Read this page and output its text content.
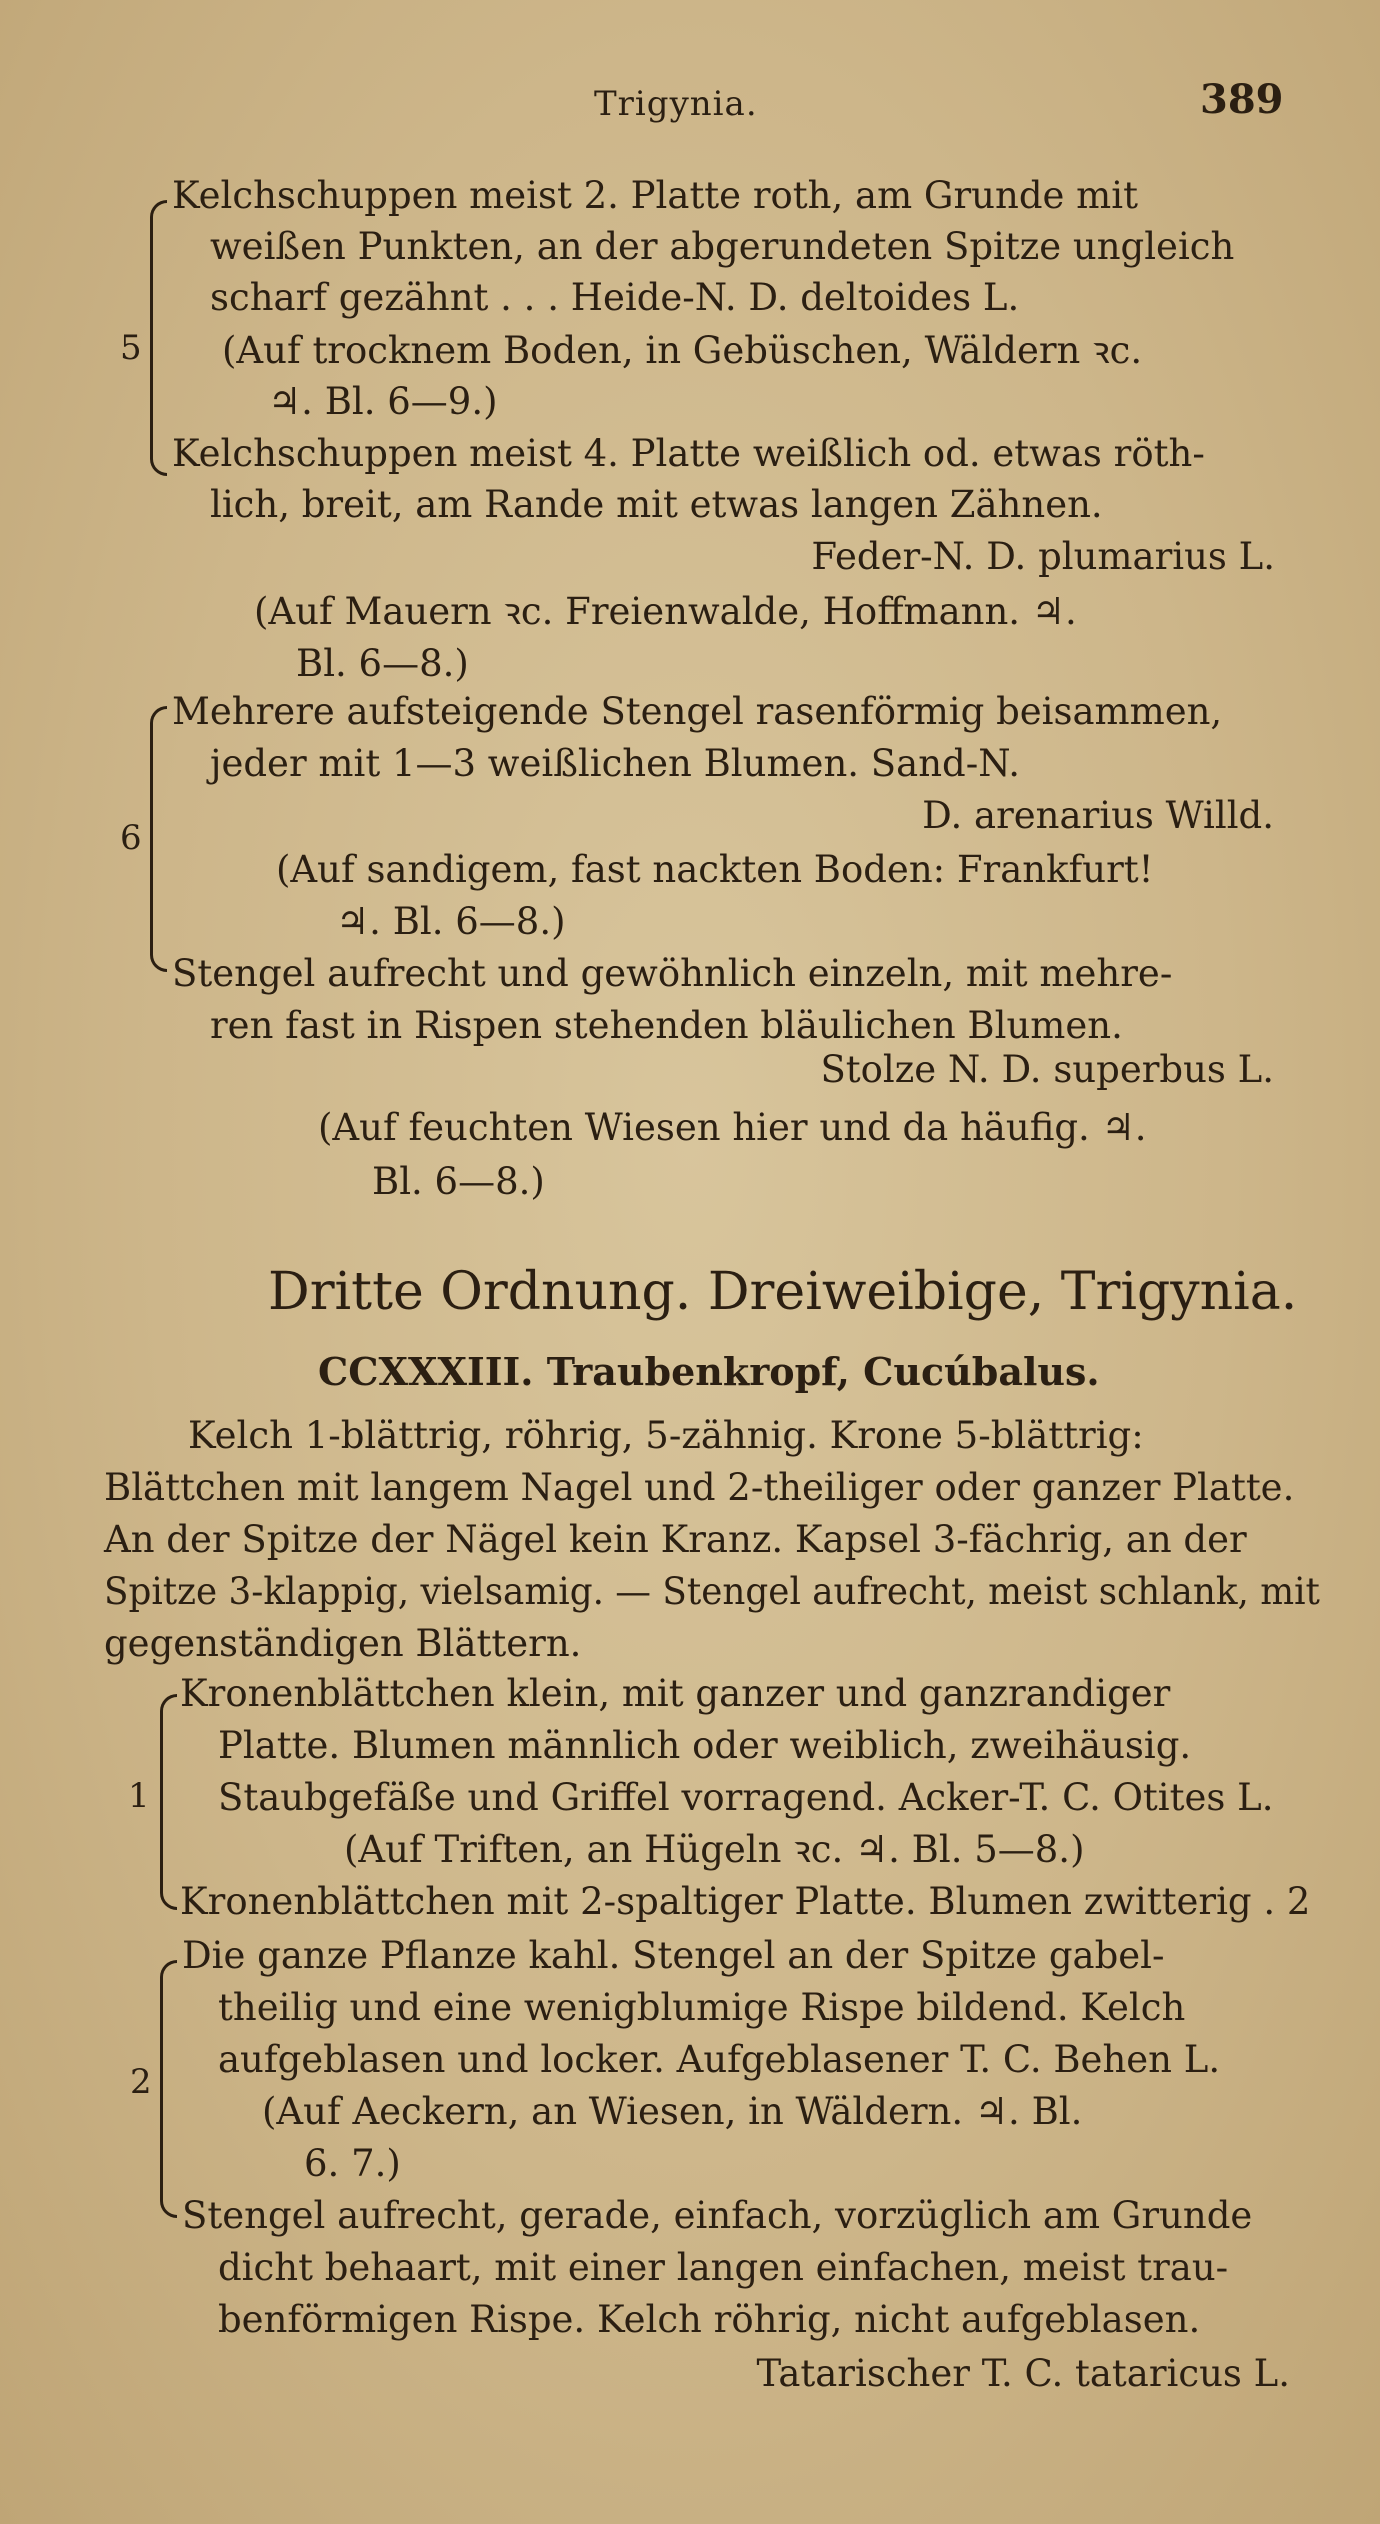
Trigynia.	389
5
Kelchschuppen meist 2. Platte roth, am Grunde mit
weißen Punkten, an der abgerundeten Spitze ungleich
scharf gezähnt . . . Heide-N. D. deltoides L.
(Auf trocknem Boden, in Gebüschen, Wäldern ꝛc.
♃. Bl. 6—9.)
Kelchschuppen meist 4. Platte weißlich od. etwas röth-
lich, breit, am Rande mit etwas langen Zähnen.
Feder-N. D. plumarius L.
(Auf Mauern ꝛc. Freienwalde, Hoffmann. ♃.
Bl. 6—8.)
6
Mehrere aufsteigende Stengel rasenförmig beisammen,
jeder mit 1—3 weißlichen Blumen. Sand-N.
D. arenarius Willd.
(Auf sandigem, fast nackten Boden: Frankfurt!
♃. Bl. 6—8.)
Stengel aufrecht und gewöhnlich einzeln, mit mehre-
ren fast in Rispen stehenden bläulichen Blumen.
Stolze N. D. superbus L.
(Auf feuchten Wiesen hier und da häufig. ♃.
Bl. 6—8.)
Dritte Ordnung. Dreiweibige, Trigynia.
CCXXXIII. Traubenkropf, Cucúbalus.
Kelch 1-blättrig, röhrig, 5-zähnig. Krone 5-blättrig:
Blättchen mit langem Nagel und 2-theiliger oder ganzer Platte.
An der Spitze der Nägel kein Kranz. Kapsel 3-fächrig, an der
Spitze 3-klappig, vielsamig. — Stengel aufrecht, meist schlank, mit
gegenständigen Blättern.
1
Kronenblättchen klein, mit ganzer und ganzrandiger
Platte. Blumen männlich oder weiblich, zweihäusig.
Staubgefäße und Griffel vorragend. Acker-T. C. Otites L.
(Auf Triften, an Hügeln ꝛc. ♃. Bl. 5—8.)
Kronenblättchen mit 2-spaltiger Platte. Blumen zwitterig . 2
2
Die ganze Pflanze kahl. Stengel an der Spitze gabel-
theilig und eine wenigblumige Rispe bildend. Kelch
aufgeblasen und locker. Aufgeblasener T. C. Behen L.
(Auf Aeckern, an Wiesen, in Wäldern. ♃. Bl.
6. 7.)
Stengel aufrecht, gerade, einfach, vorzüglich am Grunde
dicht behaart, mit einer langen einfachen, meist trau-
benförmigen Rispe. Kelch röhrig, nicht aufgeblasen.
Tatarischer T. C. tataricus L.
